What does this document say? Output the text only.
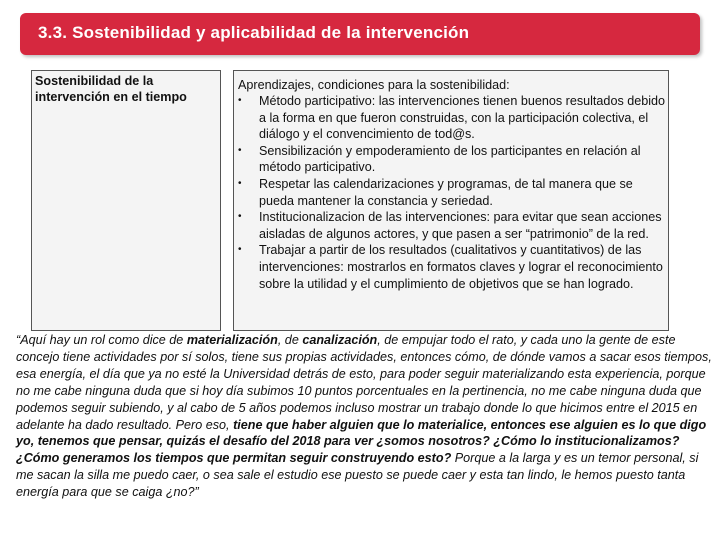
3.3. Sostenibilidad y aplicabilidad de la intervención

Sostenibilidad de la intervención en el tiempo

Aprendizajes, condiciones para la sostenibilidad:

• Método participativo: las intervenciones tienen buenos resultados debido a la forma en que fueron construidas, con la participación colectiva, el diálogo y el convencimiento de tod@s.
• Sensibilización y empoderamiento de los participantes en relación al método participativo.
• Respetar las calendarizaciones y programas, de tal manera que se pueda mantener la constancia y seriedad.
• Institucionalizacion de las intervenciones: para evitar que sean acciones aisladas de algunos actores, y que pasen a ser “patrimonio” de la red.
• Trabajar a partir de los resultados (cualitativos y cuantitativos) de las intervenciones: mostrarlos en formatos claves y lograr el reconocimiento sobre la utilidad y el cumplimiento de objetivos que se han logrado.

“Aquí hay un rol como dice de materialización, de canalización, de empujar todo el rato, y cada uno la gente de este concejo tiene actividades por sí solos, tiene sus propias actividades, entonces cómo, de dónde vamos a sacar esos tiempos, esa energía, el día que ya no esté la Universidad detrás de esto, para poder seguir materializando esta experiencia, porque no me cabe ninguna duda que si hoy día subimos 10 puntos porcentuales en la pertinencia, no me cabe ninguna duda que podemos seguir subiendo, y al cabo de 5 años podemos incluso mostrar un trabajo donde lo que hicimos entre el 2015 en adelante ha dado resultado. Pero eso, tiene que haber alguien que lo materialice, entonces ese alguien es lo que digo yo, tenemos que pensar, quizás el desafío del 2018 para ver ¿somos nosotros? ¿Cómo lo institucionalizamos? ¿Cómo generamos los tiempos que permitan seguir construyendo esto? Porque a la larga y es un temor personal, si me sacan la silla me puedo caer, o sea sale el estudio ese puesto se puede caer y esta tan lindo, le hemos puesto tanta energía para que se caiga ¿no?”
